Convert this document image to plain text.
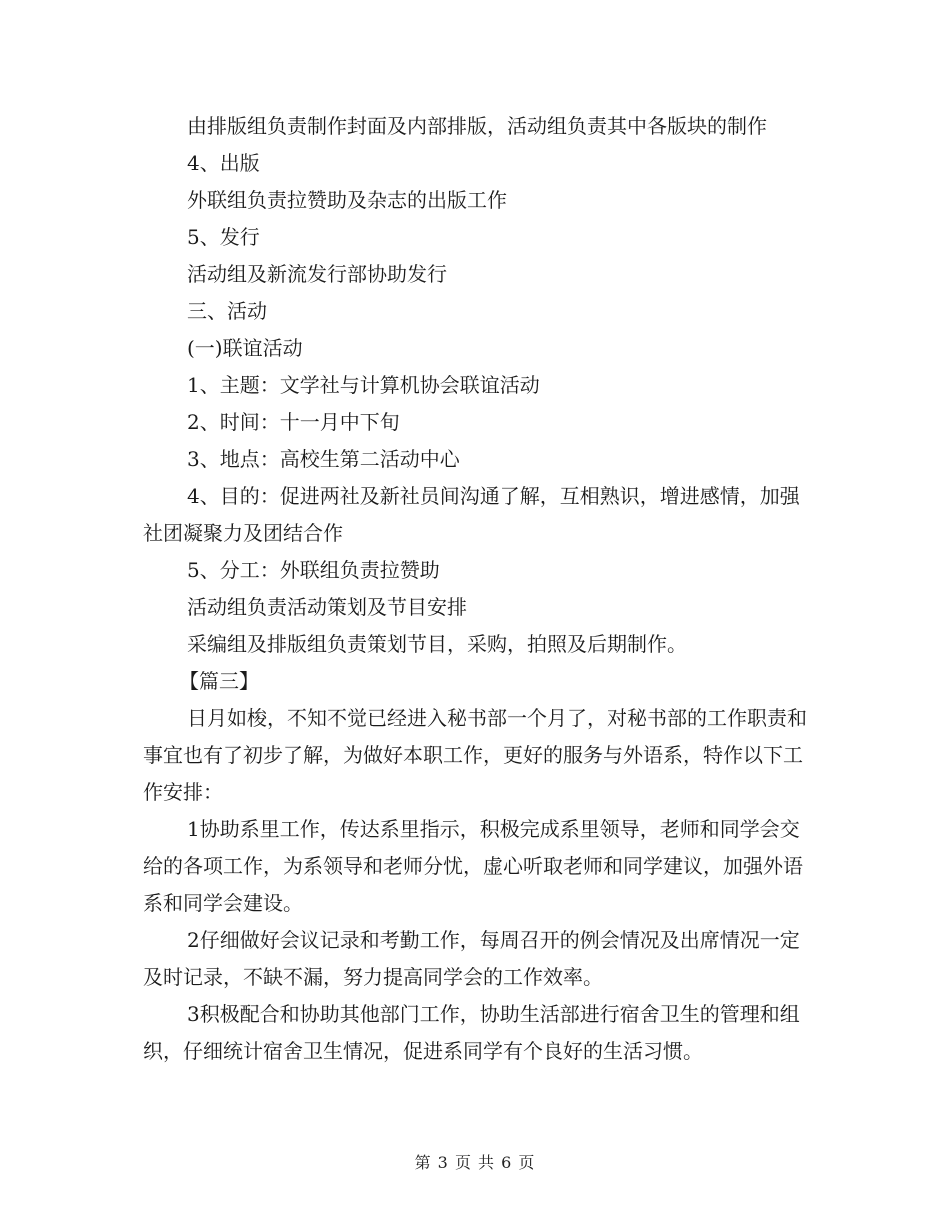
由排版组负责制作封面及内部排版，活动组负责其中各版块的制作

4、出版

外联组负责拉赞助及杂志的出版工作

5、发行

活动组及新流发行部协助发行

三、活动

(一)联谊活动

1、主题：文学社与计算机协会联谊活动

2、时间：十一月中下旬

3、地点：高校生第二活动中心

4、目的：促进两社及新社员间沟通了解，互相熟识，增进感情，加强社团凝聚力及团结合作

5、分工：外联组负责拉赞助

活动组负责活动策划及节目安排

采编组及排版组负责策划节目，采购，拍照及后期制作。

【篇三】

日月如梭，不知不觉已经进入秘书部一个月了，对秘书部的工作职责和事宜也有了初步了解，为做好本职工作，更好的服务与外语系，特作以下工作安排：

1协助系里工作，传达系里指示，积极完成系里领导，老师和同学会交给的各项工作，为系领导和老师分忧，虚心听取老师和同学建议，加强外语系和同学会建设。

2仔细做好会议记录和考勤工作，每周召开的例会情况及出席情况一定及时记录，不缺不漏，努力提高同学会的工作效率。

3积极配合和协助其他部门工作，协助生活部进行宿舍卫生的管理和组织，仔细统计宿舍卫生情况，促进系同学有个良好的生活习惯。

第 3 页 共 6 页
